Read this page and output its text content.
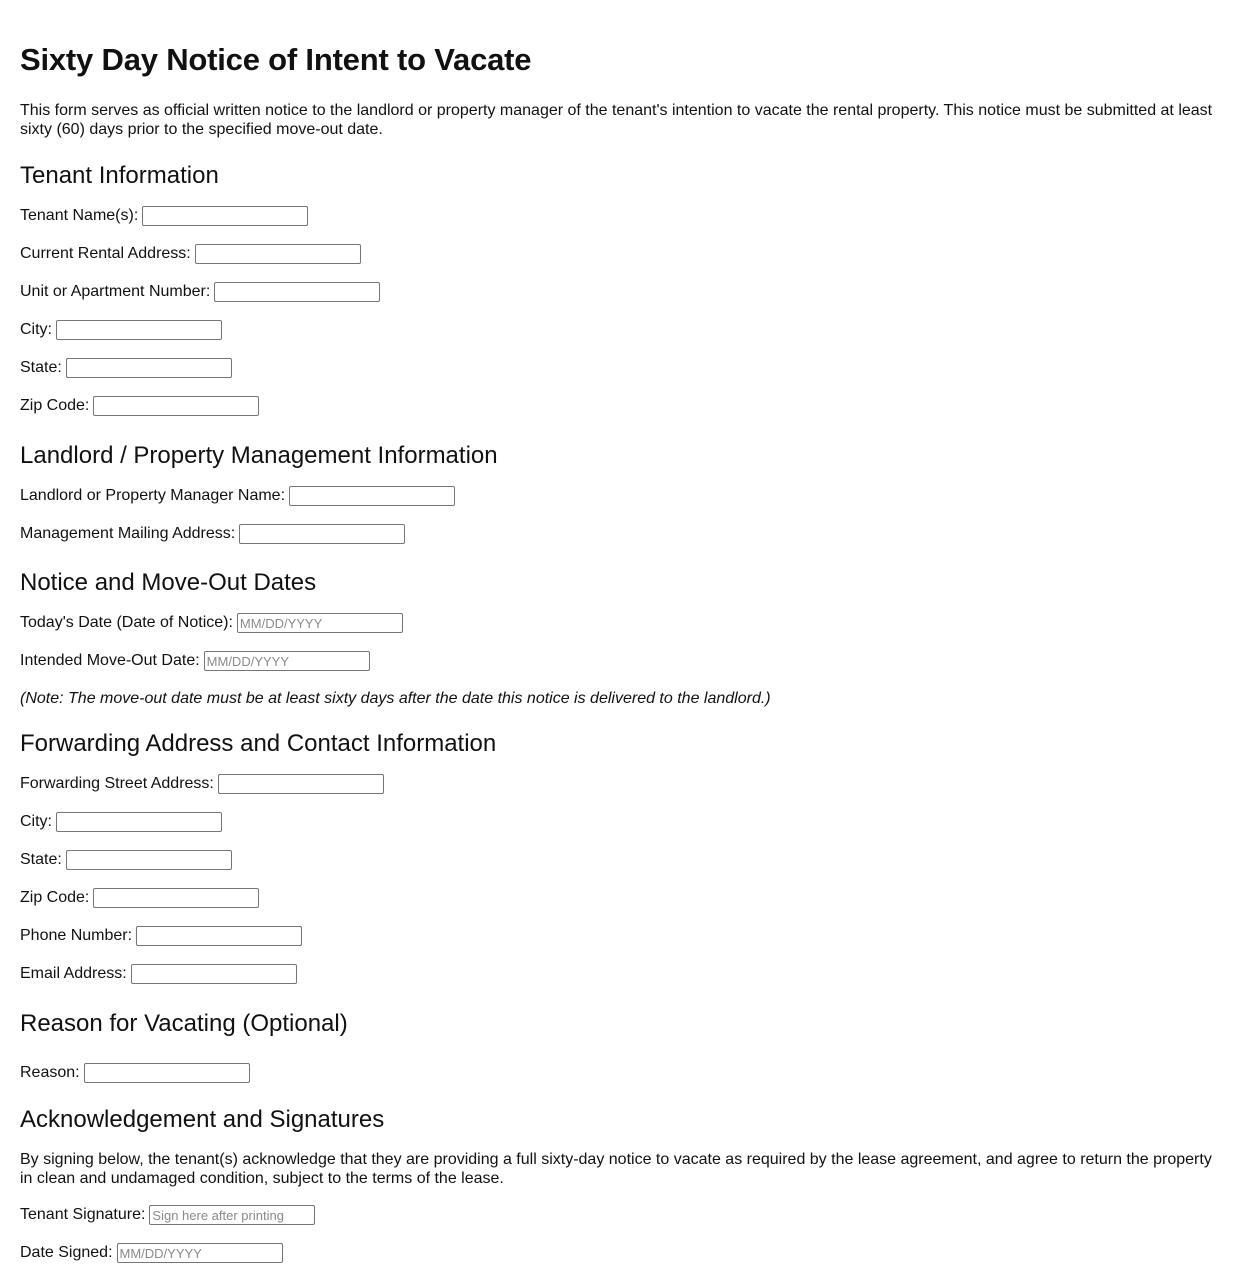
Sixty Day Notice of Intent to Vacate

This form serves as official written notice to the landlord or property manager of the tenant's intention to vacate the rental property. This notice must be submitted at least sixty (60) days prior to the specified move-out date.

Tenant Information
Tenant Name(s):
Current Rental Address:
Unit or Apartment Number:
City:
State:
Zip Code:
Landlord / Property Management Information
Landlord or Property Manager Name:
Management Mailing Address:
Notice and Move-Out Dates
Today's Date (Date of Notice):
MM/DD/YYYY
Intended Move-Out Date:
MM/DD/YYYY

(Note: The move-out date must be at least sixty days after the date this notice is delivered to the landlord.)

Forwarding Address and Contact Information
Forwarding Street Address:
City:
State:
Zip Code:
Phone Number:
Email Address:
Reason for Vacating (Optional)
Reason:
Acknowledgement and Signatures

By signing below, the tenant(s) acknowledge that they are providing a full sixty-day notice to vacate as required by the lease agreement, and agree to return the property in clean and undamaged condition, subject to the terms of the lease.

Tenant Signature:
Sign here after printing
Date Signed:
MM/DD/YYYY
